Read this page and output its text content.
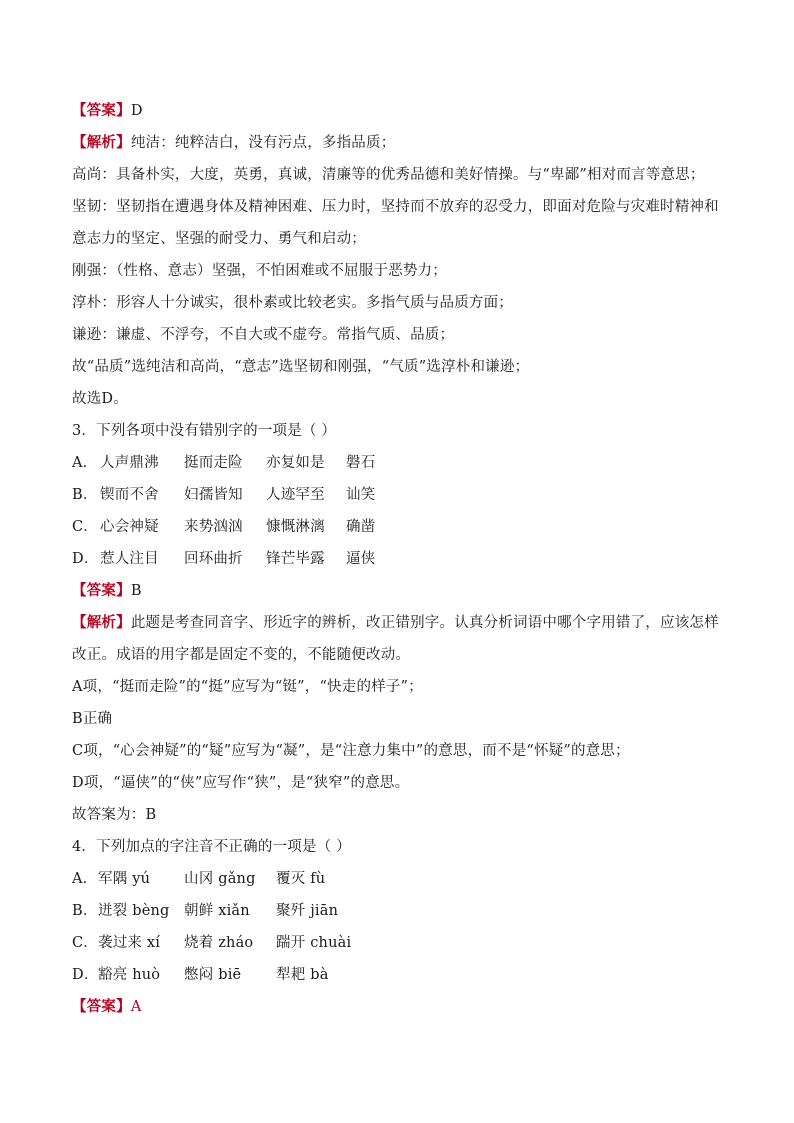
【答案】D
【解析】纯洁：纯粹洁白，没有污点，多指品质；
高尚：具备朴实，大度，英勇，真诚，清廉等的优秀品德和美好情操。与“卑鄙”相对而言等意思；
坚韧：坚韧指在遭遇身体及精神困难、压力时，坚持而不放弃的忍受力，即面对危险与灾难时精神和
意志力的坚定、坚强的耐受力、勇气和启动；
刚强：（性格、意志）坚强，不怕困难或不屈服于恶势力；
淳朴：形容人十分诚实，很朴素或比较老实。多指气质与品质方面；
谦逊：谦虚、不浮夸，不自大或不虚夸。常指气质、品质；
故“品质”选纯洁和高尚，“意志”选坚韧和刚强，“气质”选淳朴和谦逊；
故选D。
3．下列各项中没有错别字的一项是（ ）
A． 人声鼎沸 挺而走险 亦复如是 磐石
B． 锲而不舍 妇孺皆知 人迹罕至 讪笑
C． 心会神疑 来势汹汹 慷慨淋漓 确凿
D．惹人注目 回环曲折 锋芒毕露 逼侠
【答案】B
【解析】此题是考查同音字、形近字的辨析，改正错别字。认真分析词语中哪个字用错了，应该怎样
改正。成语的用字都是固定不变的，不能随便改动。
A项，“挺而走险”的“挺”应写为“铤”，“快走的样子”；
B正确
C项，“心会神疑”的“疑”应写为“凝”，是“注意力集中”的意思，而不是“怀疑”的意思；
D项，“逼侠”的“侠”应写作“狭”，是“狭窄”的意思。
故答案为：B
4．下列加点的字注音不正确的一项是（ ）
A．军隅 yú 山冈 gǎng 覆灭 fù
B．迸裂 bèng 朝鲜 xiǎn 聚歼 jiān
C．袭过来 xí 烧着 zháo 踹开 chuài
D．豁亮 huò 憋闷 biē 犁耙 bà
【答案】A
